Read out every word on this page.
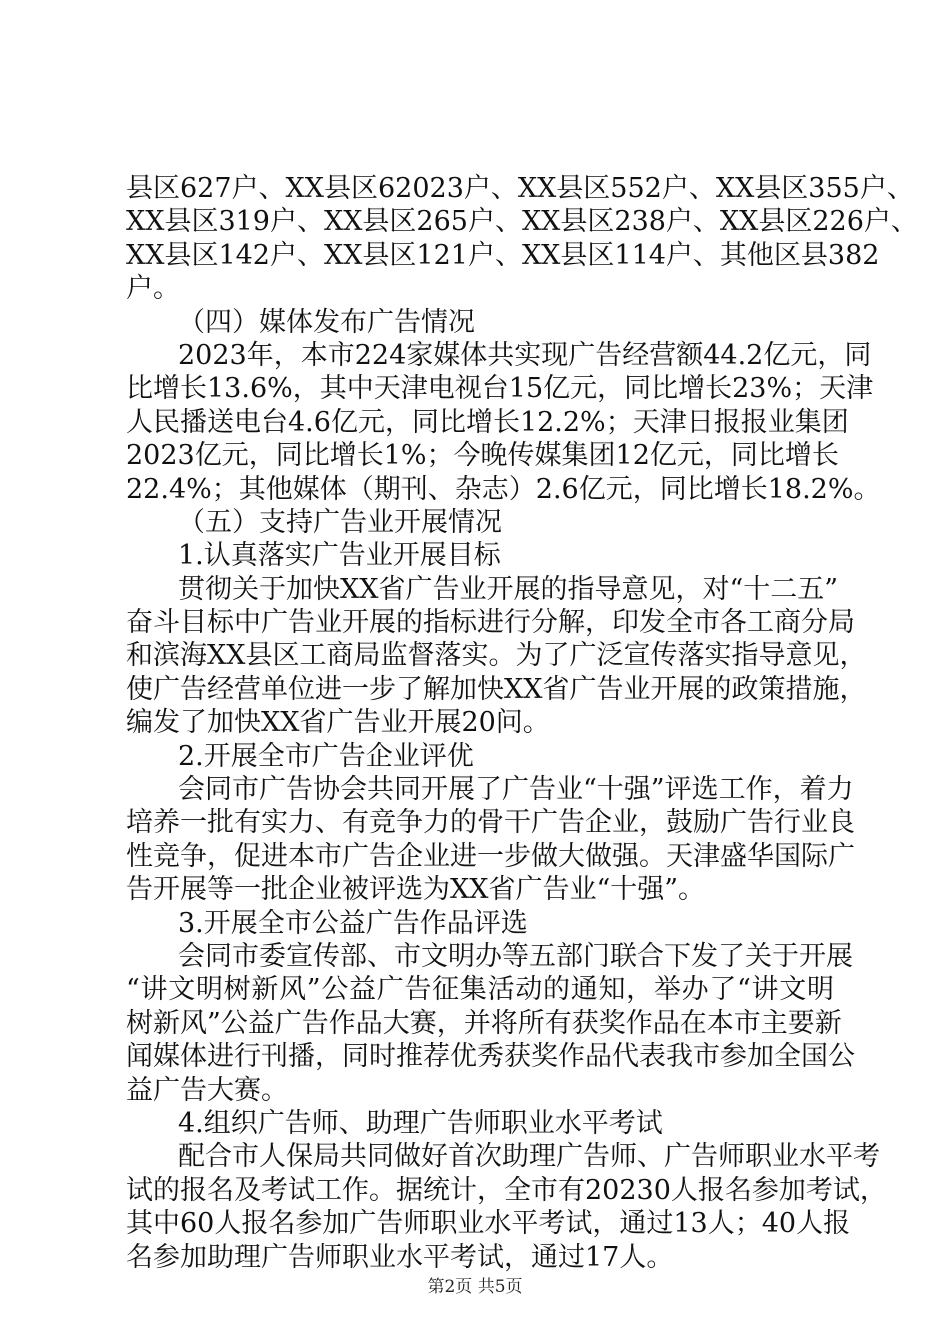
县区627户、XX县区62023户、XX县区552户、XX县区355户、
XX县区319户、XX县区265户、XX县区238户、XX县区226户、
XX县区142户、XX县区121户、XX县区114户、其他区县382
户。
（四）媒体发布广告情况
2023年，本市224家媒体共实现广告经营额44.2亿元，同
比增长13.6%，其中天津电视台15亿元，同比增长23%；天津
人民播送电台4.6亿元，同比增长12.2%；天津日报报业集团
2023亿元，同比增长1%；今晚传媒集团12亿元，同比增长
22.4%；其他媒体（期刊、杂志）2.6亿元，同比增长18.2%。
（五）支持广告业开展情况
1.认真落实广告业开展目标
贯彻关于加快XX省广告业开展的指导意见，对“十二五”
奋斗目标中广告业开展的指标进行分解，印发全市各工商分局
和滨海XX县区工商局监督落实。为了广泛宣传落实指导意见，
使广告经营单位进一步了解加快XX省广告业开展的政策措施，
编发了加快XX省广告业开展20问。
2.开展全市广告企业评优
会同市广告协会共同开展了广告业“十强”评选工作，着力
培养一批有实力、有竞争力的骨干广告企业，鼓励广告行业良
性竞争，促进本市广告企业进一步做大做强。天津盛华国际广
告开展等一批企业被评选为XX省广告业“十强”。
3.开展全市公益广告作品评选
会同市委宣传部、市文明办等五部门联合下发了关于开展
“讲文明树新风”公益广告征集活动的通知，举办了“讲文明
树新风”公益广告作品大赛，并将所有获奖作品在本市主要新
闻媒体进行刊播，同时推荐优秀获奖作品代表我市参加全国公
益广告大赛。
4.组织广告师、助理广告师职业水平考试
配合市人保局共同做好首次助理广告师、广告师职业水平考
试的报名及考试工作。据统计，全市有20230人报名参加考试，
其中60人报名参加广告师职业水平考试，通过13人；40人报
名参加助理广告师职业水平考试，通过17人。
第2页 共5页
